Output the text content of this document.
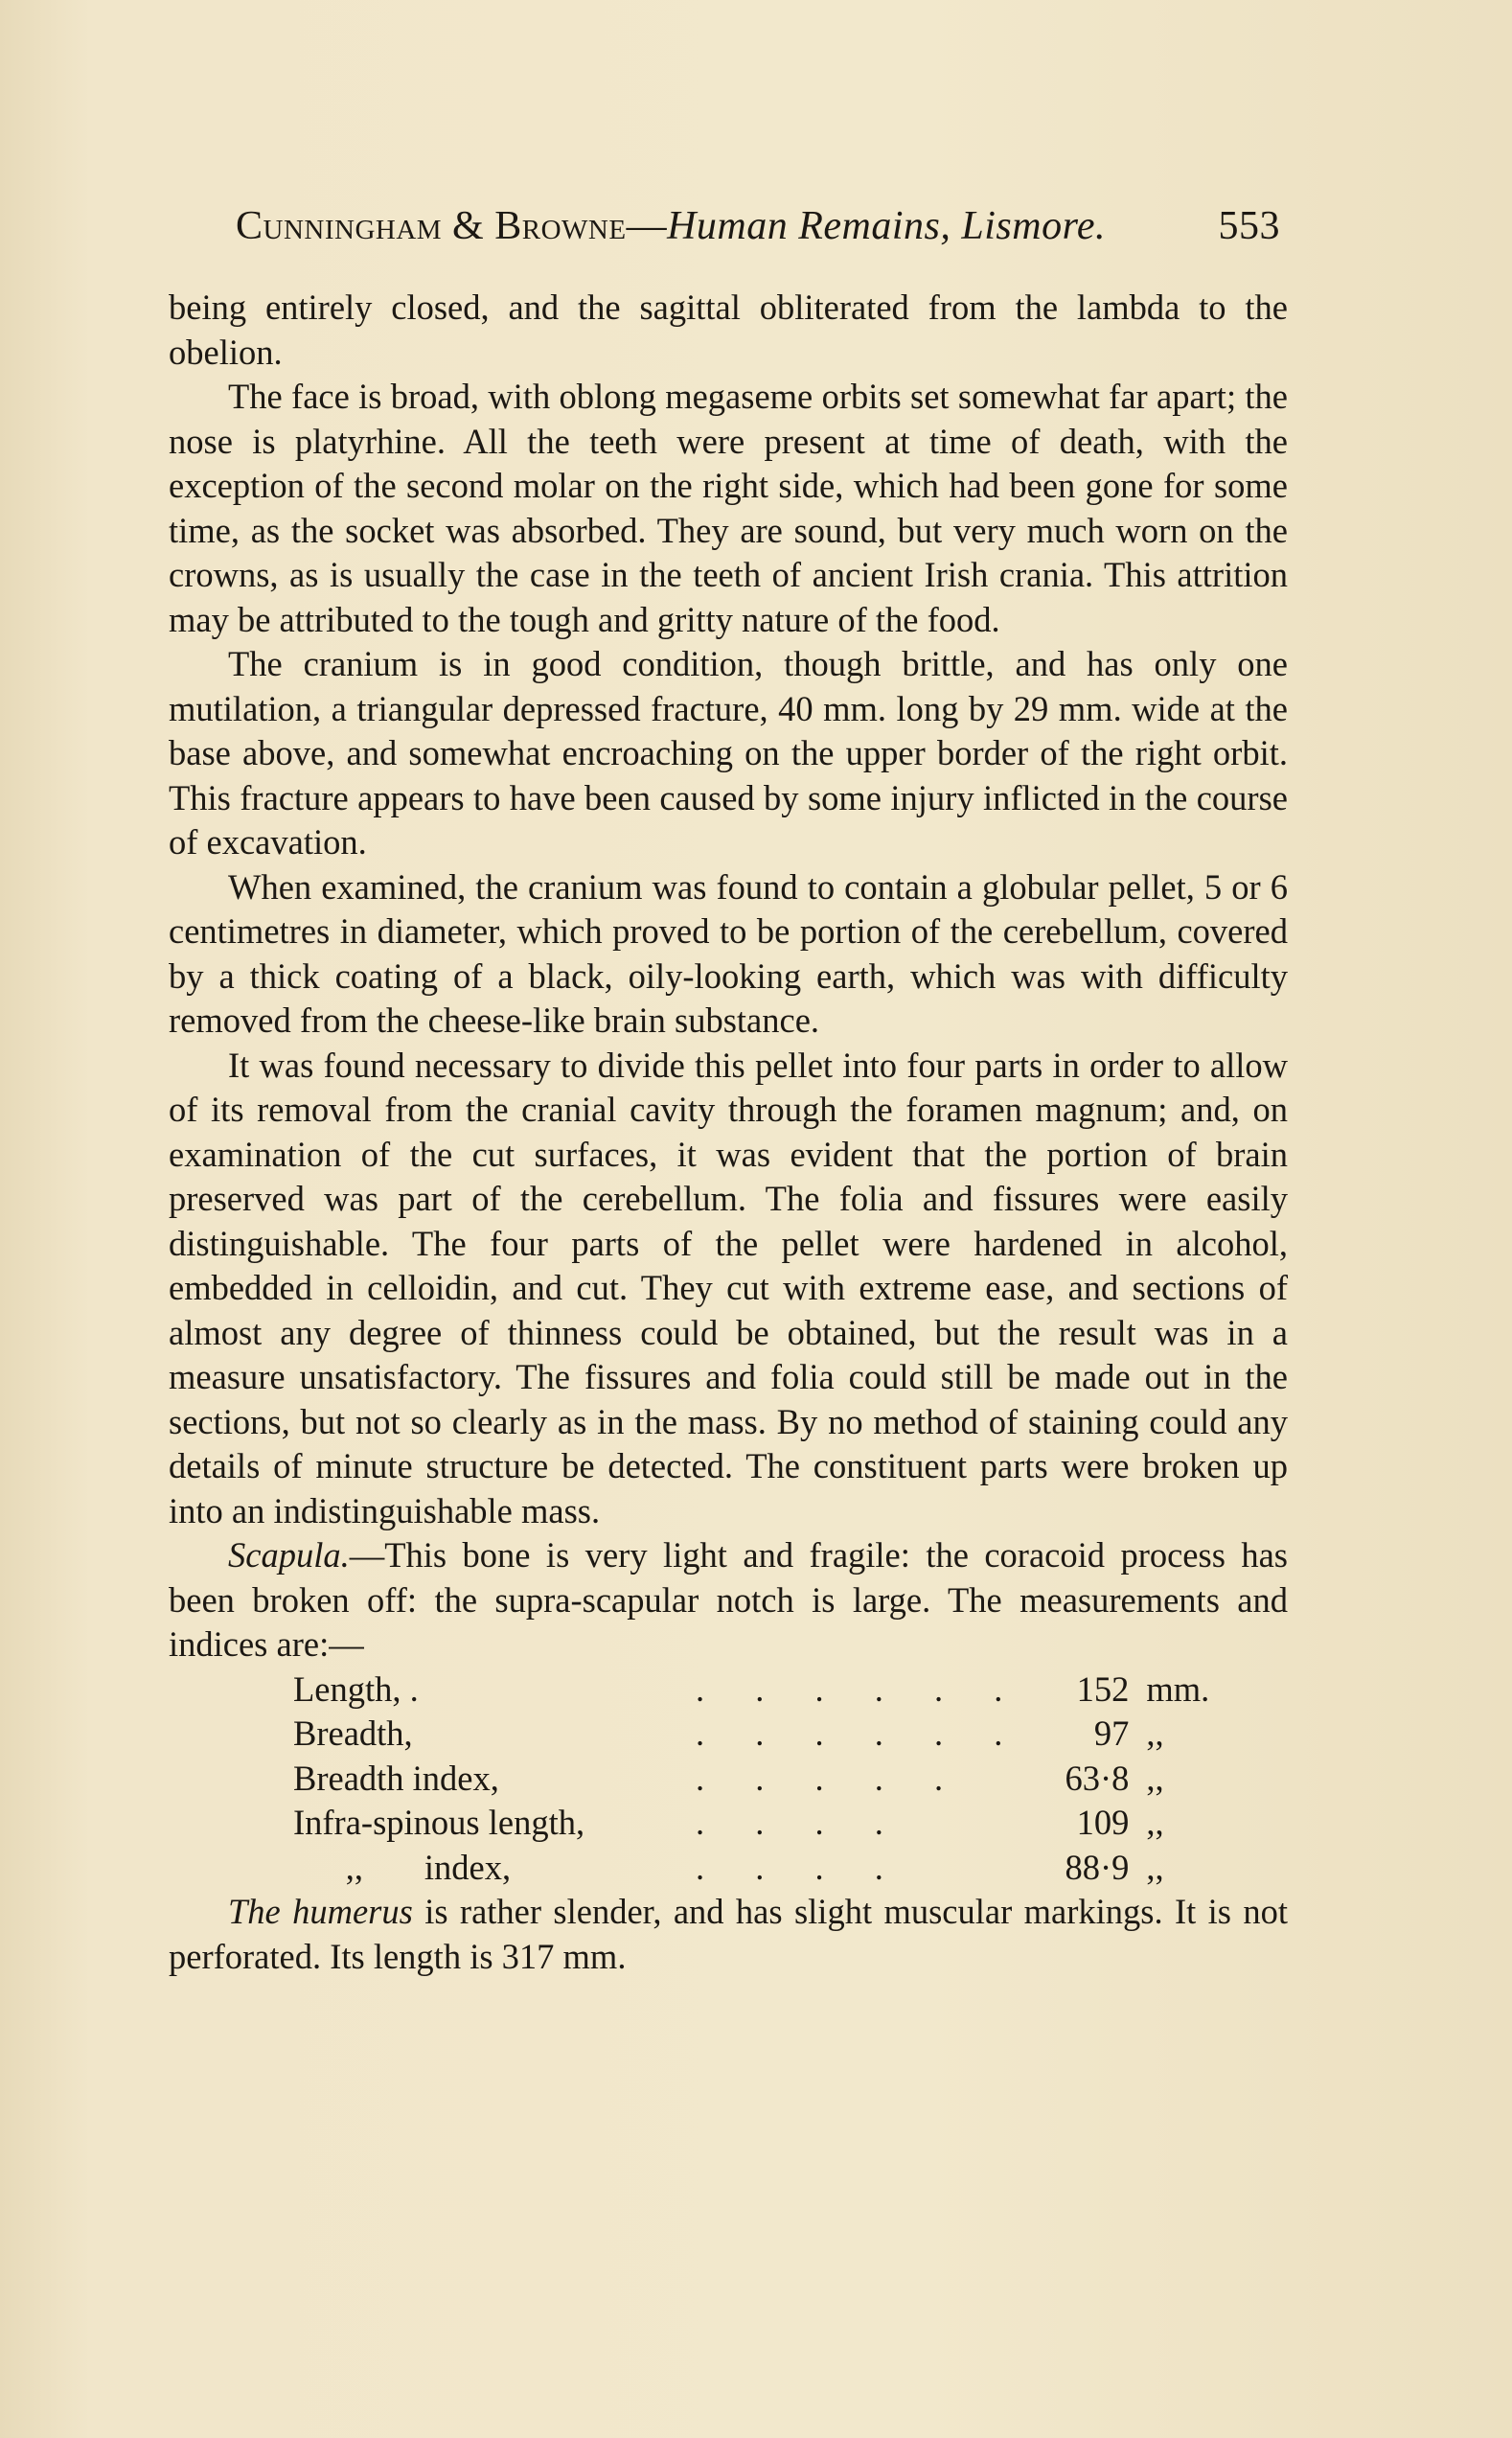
Cunningham & Browne—Human Remains, Lismore.	553

being entirely closed, and the sagittal obliterated from the lambda to the obelion.

The face is broad, with oblong megaseme orbits set somewhat far apart; the nose is platyrhine. All the teeth were present at time of death, with the exception of the second molar on the right side, which had been gone for some time, as the socket was absorbed. They are sound, but very much worn on the crowns, as is usually the case in the teeth of ancient Irish crania. This attrition may be attributed to the tough and gritty nature of the food.

The cranium is in good condition, though brittle, and has only one mutilation, a triangular depressed fracture, 40 mm. long by 29 mm. wide at the base above, and somewhat encroaching on the upper border of the right orbit. This fracture appears to have been caused by some injury inflicted in the course of excavation.

When examined, the cranium was found to contain a globular pellet, 5 or 6 centimetres in diameter, which proved to be portion of the cerebellum, covered by a thick coating of a black, oily-looking earth, which was with difficulty removed from the cheese-like brain substance.

It was found necessary to divide this pellet into four parts in order to allow of its removal from the cranial cavity through the foramen magnum; and, on examination of the cut surfaces, it was evident that the portion of brain preserved was part of the cerebellum. The folia and fissures were easily distinguishable. The four parts of the pellet were hardened in alcohol, embedded in celloidin, and cut. They cut with extreme ease, and sections of almost any degree of thinness could be obtained, but the result was in a measure unsatisfactory. The fissures and folia could still be made out in the sections, but not so clearly as in the mass. By no method of staining could any details of minute structure be detected. The constituent parts were broken up into an indistinguishable mass.

Scapula.—This bone is very light and fragile: the coracoid process has been broken off: the supra-scapular notch is large. The measurements and indices are:—

Length, .	. . . . . .	152	mm.
Breadth,	. . . . . .	97	,,
Breadth index,	. . . . .	63·8	,,
Infra-spinous length,	. . . .	109	,,
,,       index,	. . . .	88·9	,,

The humerus is rather slender, and has slight muscular markings. It is not perforated. Its length is 317 mm.
